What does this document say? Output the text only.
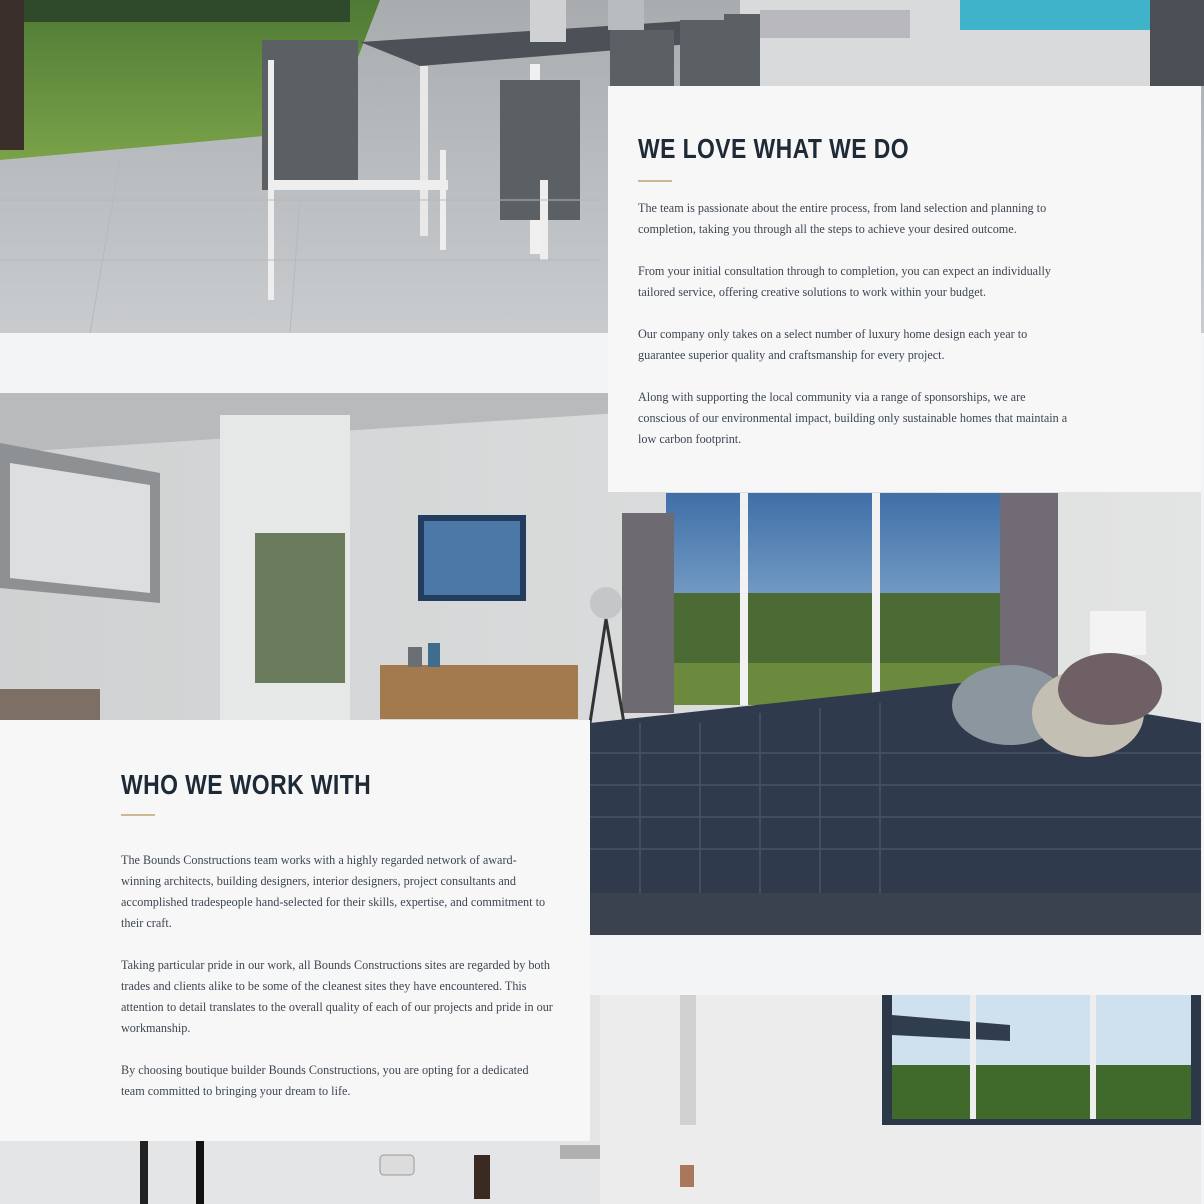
WE LOVE WHAT WE DO

The team is passionate about the entire process, from land selection and planning to completion, taking you through all the steps to achieve your desired outcome.

From your initial consultation through to completion, you can expect an individually tailored service, offering creative solutions to work within your budget.

Our company only takes on a select number of luxury home design each year to guarantee superior quality and craftsmanship for every project.

Along with supporting the local community via a range of sponsorships, we are conscious of our environmental impact, building only sustainable homes that maintain a low carbon footprint.

WHO WE WORK WITH

The Bounds Constructions team works with a highly regarded network of award-winning architects, building designers, interior designers, project consultants and accomplished tradespeople hand-selected for their skills, expertise, and commitment to their craft.

Taking particular pride in our work, all Bounds Constructions sites are regarded by both trades and clients alike to be some of the cleanest sites they have encountered. This attention to detail translates to the overall quality of each of our projects and pride in our workmanship.

By choosing boutique builder Bounds Constructions, you are opting for a dedicated team committed to bringing your dream to life.
